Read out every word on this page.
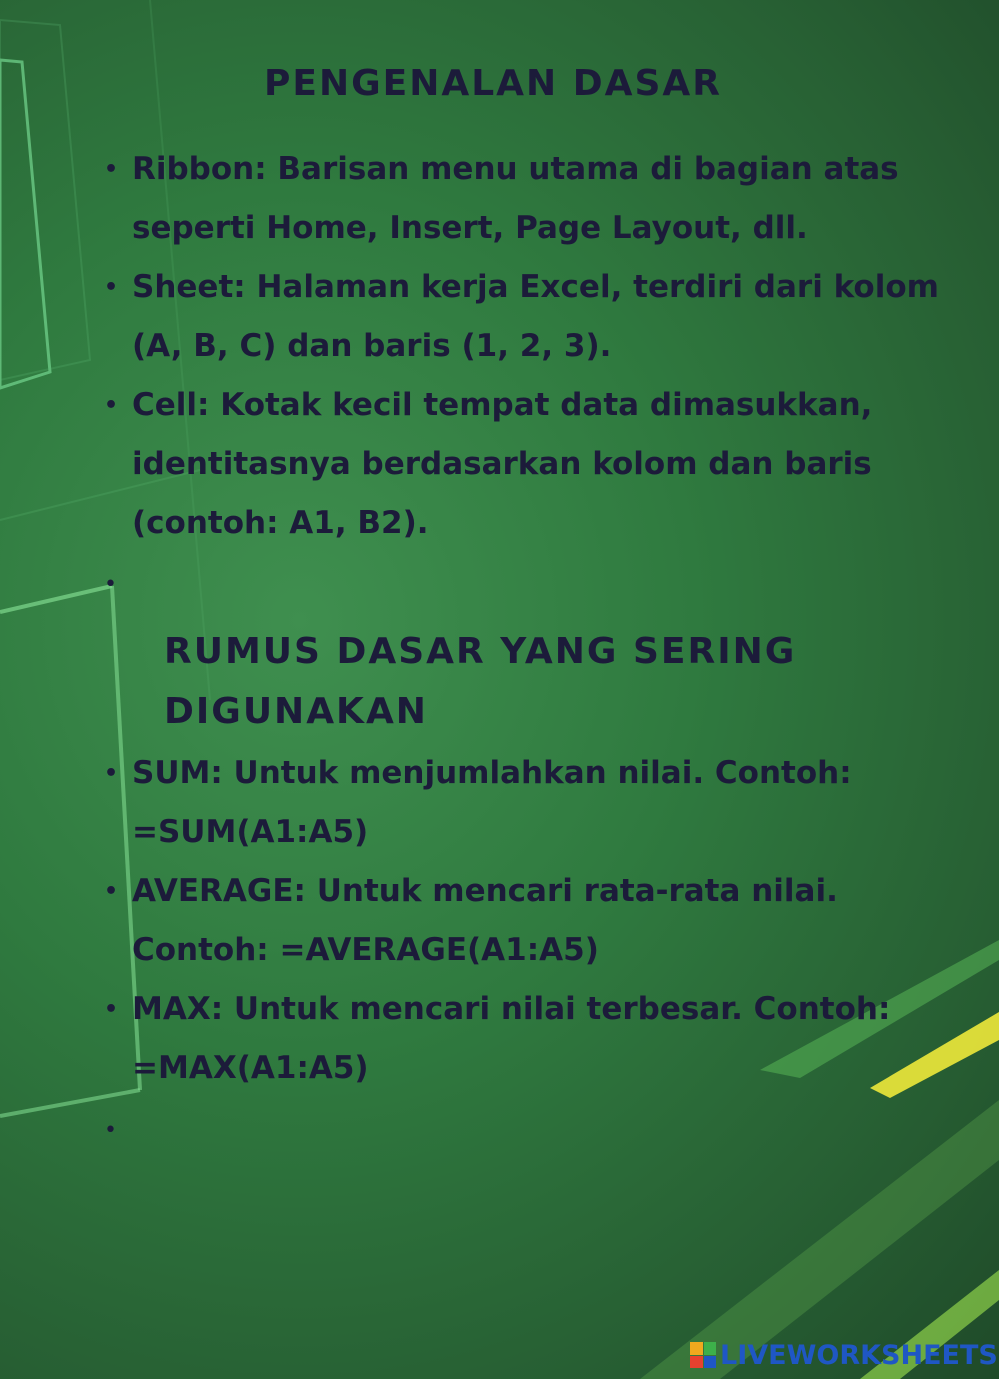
PENGENALAN DASAR
• Ribbon: Barisan menu utama di bagian atas seperti Home, Insert, Page Layout, dll.
• Sheet: Halaman kerja Excel, terdiri dari kolom (A, B, C) dan baris (1, 2, 3).
• Cell: Kotak kecil tempat data dimasukkan, identitasnya berdasarkan kolom dan baris (contoh: A1, B2).
•
RUMUS DASAR YANG SERING DIGUNAKAN
• SUM: Untuk menjumlahkan nilai. Contoh: =SUM(A1:A5)
• AVERAGE: Untuk mencari rata-rata nilai. Contoh: =AVERAGE(A1:A5)
• MAX: Untuk mencari nilai terbesar. Contoh: =MAX(A1:A5)
•
LIVEWORKSHEETS
